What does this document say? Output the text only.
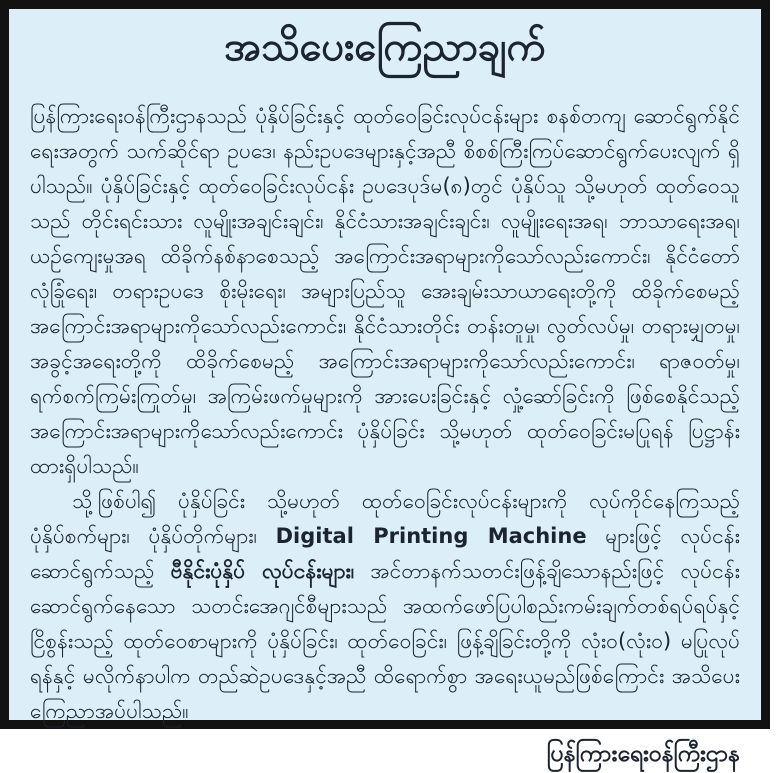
အသိပေးကြေညာချက်

ပြန်ကြားရေးဝန်ကြီးဌာနသည် ပုံနှိပ်ခြင်းနှင့် ထုတ်ဝေခြင်းလုပ်ငန်းများ စနစ်တကျ ဆောင်ရွက်နိုင်ရေးအတွက် သက်ဆိုင်ရာ ဥပဒေ၊ နည်းဥပဒေများနှင့်အညီ စိစစ်ကြီးကြပ်ဆောင်ရွက်ပေးလျက် ရှိပါသည်။ ပုံနှိပ်ခြင်းနှင့် ထုတ်ဝေခြင်းလုပ်ငန်း ဥပဒေပုဒ်မ(၈)တွင် ပုံနှိပ်သူ သို့မဟုတ် ထုတ်ဝေသူသည် တိုင်းရင်းသား လူမျိုးအချင်းချင်း၊ နိုင်ငံသားအချင်းချင်း၊ လူမျိုးရေးအရ၊ ဘာသာရေးအရ၊ ယဉ်ကျေးမှုအရ ထိခိုက်နစ်နာစေသည့် အကြောင်းအရာများကိုသော်လည်းကောင်း၊ နိုင်ငံတော် လုံခြုံရေး၊ တရားဥပဒေ စိုးမိုးရေး၊ အများပြည်သူ အေးချမ်းသာယာရေးတို့ကို ထိခိုက်စေမည့် အကြောင်းအရာများကိုသော်လည်းကောင်း၊ နိုင်ငံသားတိုင်း တန်းတူမှု၊ လွတ်လပ်မှု၊ တရားမျှတမှု၊ အခွင့်အရေးတို့ကို ထိခိုက်စေမည့် အကြောင်းအရာများကိုသော်လည်းကောင်း၊ ရာဇဝတ်မှု၊ ရက်စက်ကြမ်းကြုတ်မှု၊ အကြမ်းဖက်မှုများကို အားပေးခြင်းနှင့် လှုံ့ဆော်ခြင်းကို ဖြစ်စေနိုင်သည့် အကြောင်းအရာများကိုသော်လည်းကောင်း ပုံနှိပ်ခြင်း သို့မဟုတ် ထုတ်ဝေခြင်းမပြုရန် ပြဋ္ဌာန်းထားရှိပါသည်။

သို့ဖြစ်ပါ၍ ပုံနှိပ်ခြင်း သို့မဟုတ် ထုတ်ဝေခြင်းလုပ်ငန်းများကို လုပ်ကိုင်နေကြသည့် ပုံနှိပ်စက်များ၊ ပုံနှိပ်တိုက်များ၊ Digital Printing Machine များဖြင့် လုပ်ငန်းဆောင်ရွက်သည့် ဗီနိုင်းပုံနှိပ် လုပ်ငန်းများ၊ အင်တာနက်သတင်းဖြန့်ချိသောနည်းဖြင့် လုပ်ငန်းဆောင်ရွက်နေသော သတင်းအေဂျင်စီများသည် အထက်ဖော်ပြပါစည်းကမ်းချက်တစ်ရပ်ရပ်နှင့် ငြိစွန်းသည့် ထုတ်ဝေစာများကို ပုံနှိပ်ခြင်း၊ ထုတ်ဝေခြင်း၊ ဖြန့်ချိခြင်းတို့ကို လုံးဝ(လုံးဝ) မပြုလုပ်ရန်နှင့် မလိုက်နာပါက တည်ဆဲဥပဒေနှင့်အညီ ထိရောက်စွာ အရေးယူမည်ဖြစ်ကြောင်း အသိပေးကြေညာအပ်ပါသည်။

ပြန်ကြားရေးဝန်ကြီးဌာန
